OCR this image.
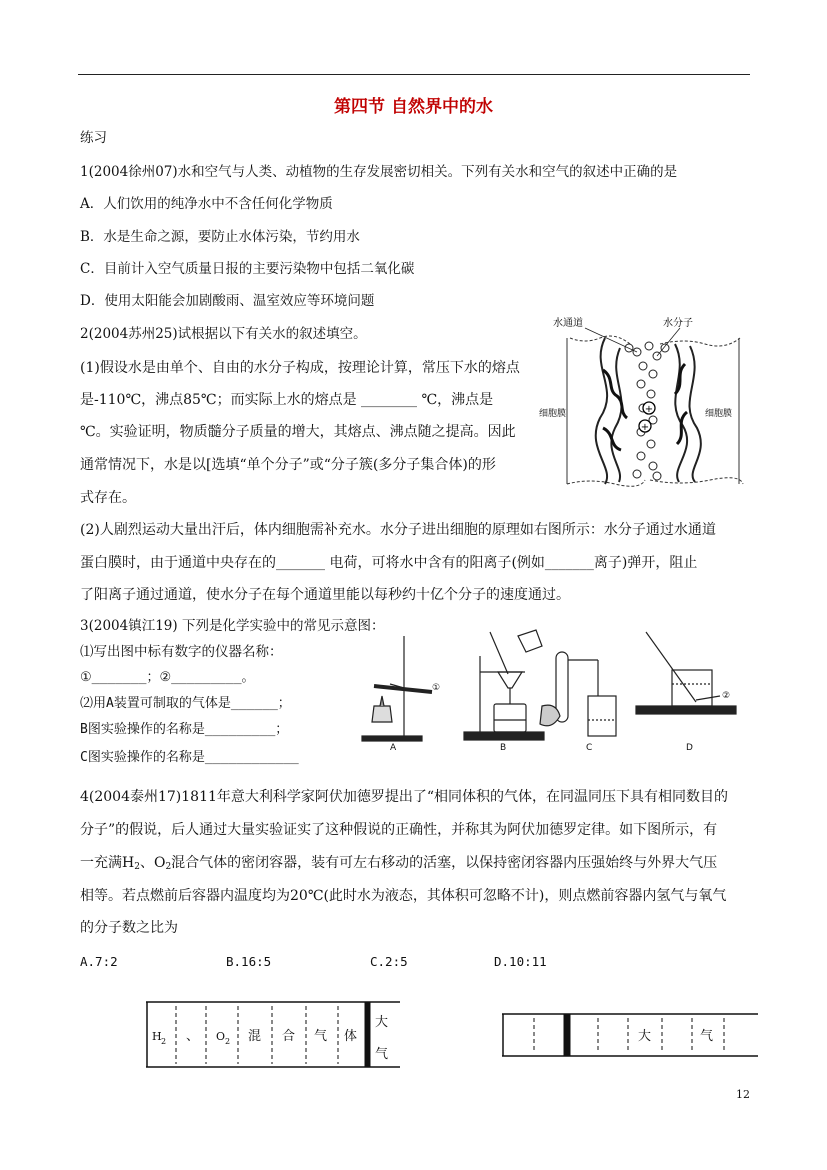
第四节 自然界中的水
练习
1(2004徐州07)水和空气与人类、动植物的生存发展密切相关。下列有关水和空气的叙述中正确的是
A．人们饮用的纯净水中不含任何化学物质
B．水是生命之源，要防止水体污染，节约用水
C．目前计入空气质量日报的主要污染物中包括二氧化碳
D．使用太阳能会加剧酸雨、温室效应等环境问题
2(2004苏州25)试根据以下有关水的叙述填空。
(1)假设水是由单个、自由的水分子构成，按理论计算，常压下水的熔点
是-110℃，沸点85℃；而实际上水的熔点是 ________ ℃，沸点是
℃。实验证明，物质髓分子质量的增大，其熔点、沸点随之提高。因此
通常情况下，水是以[选填“单个分子”或“分子簇(多分子集合体)的形
式存在。
(2)人剧烈运动大量出汗后，体内细胞需补充水。水分子进出细胞的原理如右图所示：水分子通过水通道
蛋白膜时，由于通道中央存在的_______ 电荷，可将水中含有的阳离子(例如_______离子)弹开，阻止
了阳离子通过通道，使水分子在每个通道里能以每秒约十亿个分子的速度通过。
+
+
水通道	水分子
细胞膜	细胞膜
3(2004镇江19) 下列是化学实验中的常见示意图：
⑴写出图中标有数字的仪器名称：
①_______；②_________。
⑵用A装置可制取的气体是______；
B图实验操作的名称是_________；
C图实验操作的名称是____________
A	B	C	D
①
②
4(2004泰州17)1811年意大利科学家阿伏加德罗提出了“相同体积的气体，在同温同压下具有相同数目的
分子”的假说，后人通过大量实验证实了这种假说的正确性，并称其为阿伏加德罗定律。如下图所示，有
一充满$H_2$、$O_2$混合气体的密闭容器，装有可左右移动的活塞，以保持密闭容器内压强始终与外界大气压
相等。若点燃前后容器内温度均为20℃(此时水为液态，其体积可忽略不计)，则点燃前容器内氢气与氧气
的分子数之比为
A.7:2	B.16:5	C.2:5	D.10:11
H 2 、 O 2 混 合 气 体
大
气
大	气
12
